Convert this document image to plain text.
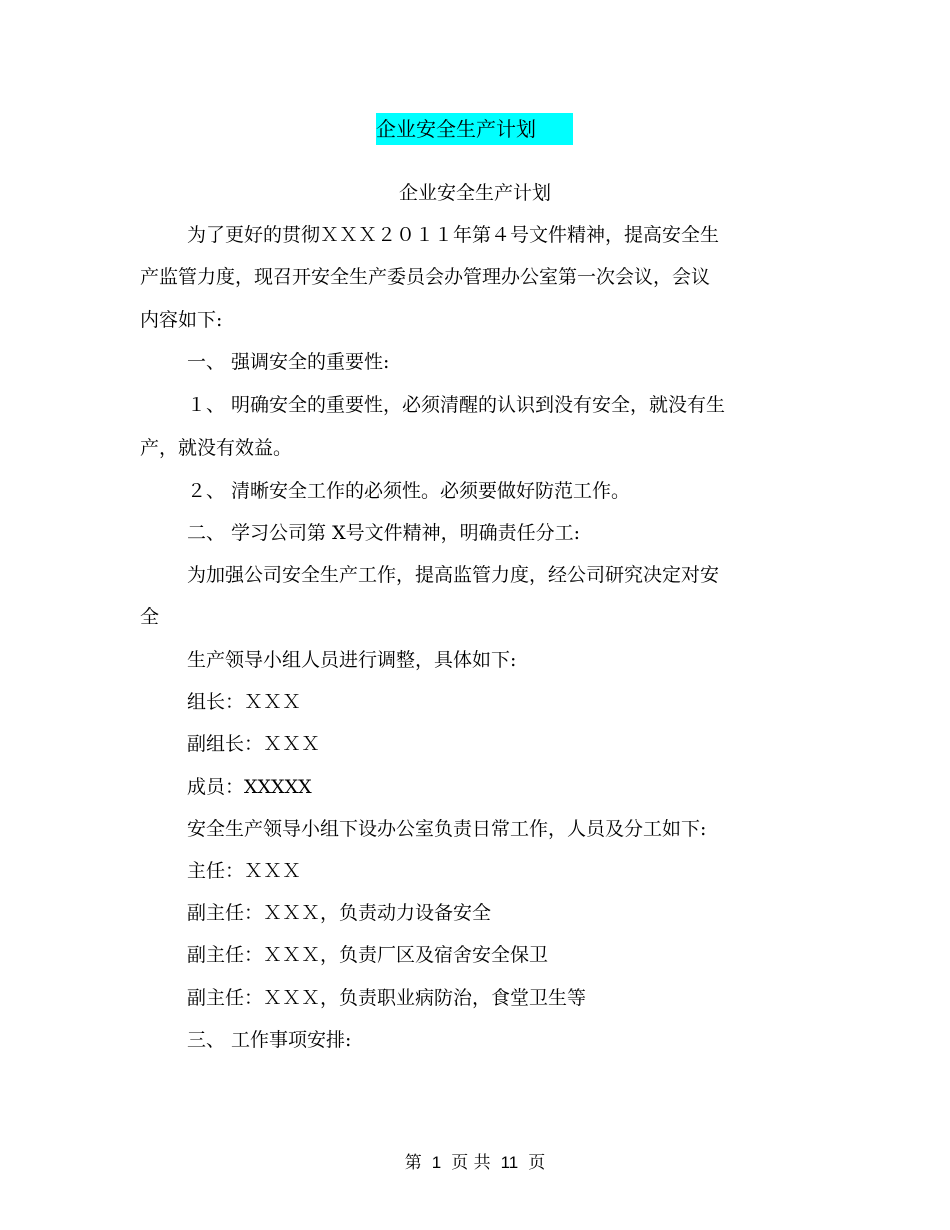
企业安全生产计划
企业安全生产计划
为了更好的贯彻ＸＸＸ２０１１年第４号文件精神，提高安全生
产监管力度，现召开安全生产委员会办管理办公室第一次会议，会议
内容如下:
一、 强调安全的重要性:
１、 明确安全的重要性，必须清醒的认识到没有安全，就没有生
产，就没有效益。
２、 清晰安全工作的必须性。必须要做好防范工作。
二、 学习公司第 X号文件精神，明确责任分工:
为加强公司安全生产工作，提高监管力度，经公司研究决定对安
全
生产领导小组人员进行调整，具体如下:
组长：ＸＸＸ
副组长：ＸＸＸ
成员：XXXXX
安全生产领导小组下设办公室负责日常工作，人员及分工如下:
主任：ＸＸＸ
副主任：ＸＸＸ，负责动力设备安全
副主任：ＸＸＸ，负责厂区及宿舍安全保卫
副主任：ＸＸＸ，负责职业病防治，食堂卫生等
三、 工作事项安排:
第 1 页 共 11 页
